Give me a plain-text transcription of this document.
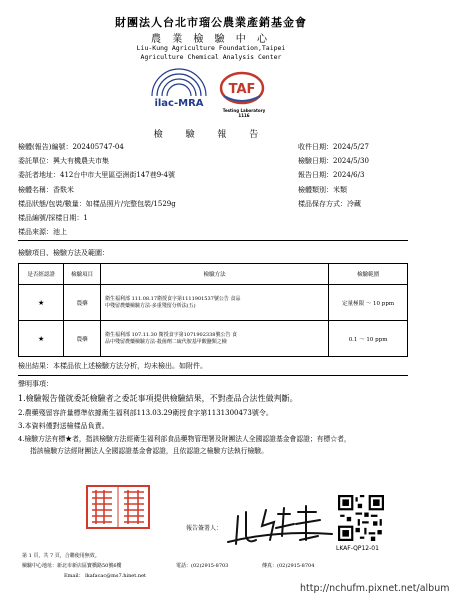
財團法人台北市瑠公農業產銷基金會
農 業 檢 驗 中 心
Liu-Kung Agriculture Foundation,Taipei
Agriculture Chemical Analysis Center
ilac-MRA
TAF
Testing Laboratory
1116
檢 驗 報 告
檢體(報告)編號：202405747-04
委託單位：興大有機農夫市集
委託者地址：412台中市大里區亞洲街147巷9-4號
收件日期：2024/5/27
檢驗日期：2024/5/30
報告日期：2024/6/3
檢體名稱：香麩米	檢體類別：米類
樣品狀態/包裝/數量：如樣品照片/完整包裝/1529g	樣品保存方式：冷藏
樣品編號/採樣日期：1
樣品來源：池上
檢驗項目、檢驗方法及範圍：
是否經認證	檢驗項目	檢驗方法	檢驗範圍
★	農藥	衛生福利部 111.08.17衛授食字第1111901537號公告 食品
中殘留農藥檢驗方法-多重殘留分析法(五)	定量極限 ～ 10 ppm
★	農藥	衛生福利部 107.11.30 衛授食字第1071902338號公告 食
品中殘留農藥檢驗方法-殺菌劑二硫代胺基甲酸鹽類之檢	0.1 ～ 10 ppm
檢出結果：本樣品依上述檢驗方法分析，均未檢出。如附件。
聲明事項：
1.檢驗報告僅就委託檢驗者之委託事項提供檢驗結果，不對產品合法性做判斷。
2.農藥殘留容許量標準依據衛生福利部113.03.29衛授食字第1131300473號令。
3.本資料僅對送檢樣品負責。
4.檢驗方法有標★者，指該檢驗方法經衛生福利部食品藥物管理署及財團法人全國認證基金會認證；有標☆者，
指該檢驗方法經財團法人全國認證基金會認證，且依認證之檢驗方法執行檢驗。
報告簽署人：
LKAF-QP12-01
第 1 頁，共 7 頁，合聯使用無效。
檢驗中心地址：新北市新店區寶橋路50號6樓	電話：(02)2915-8703	傳真：(02)2915-8704
Email： lkafacac@ms7.hinet.net
http://nchufm.pixnet.net/album
